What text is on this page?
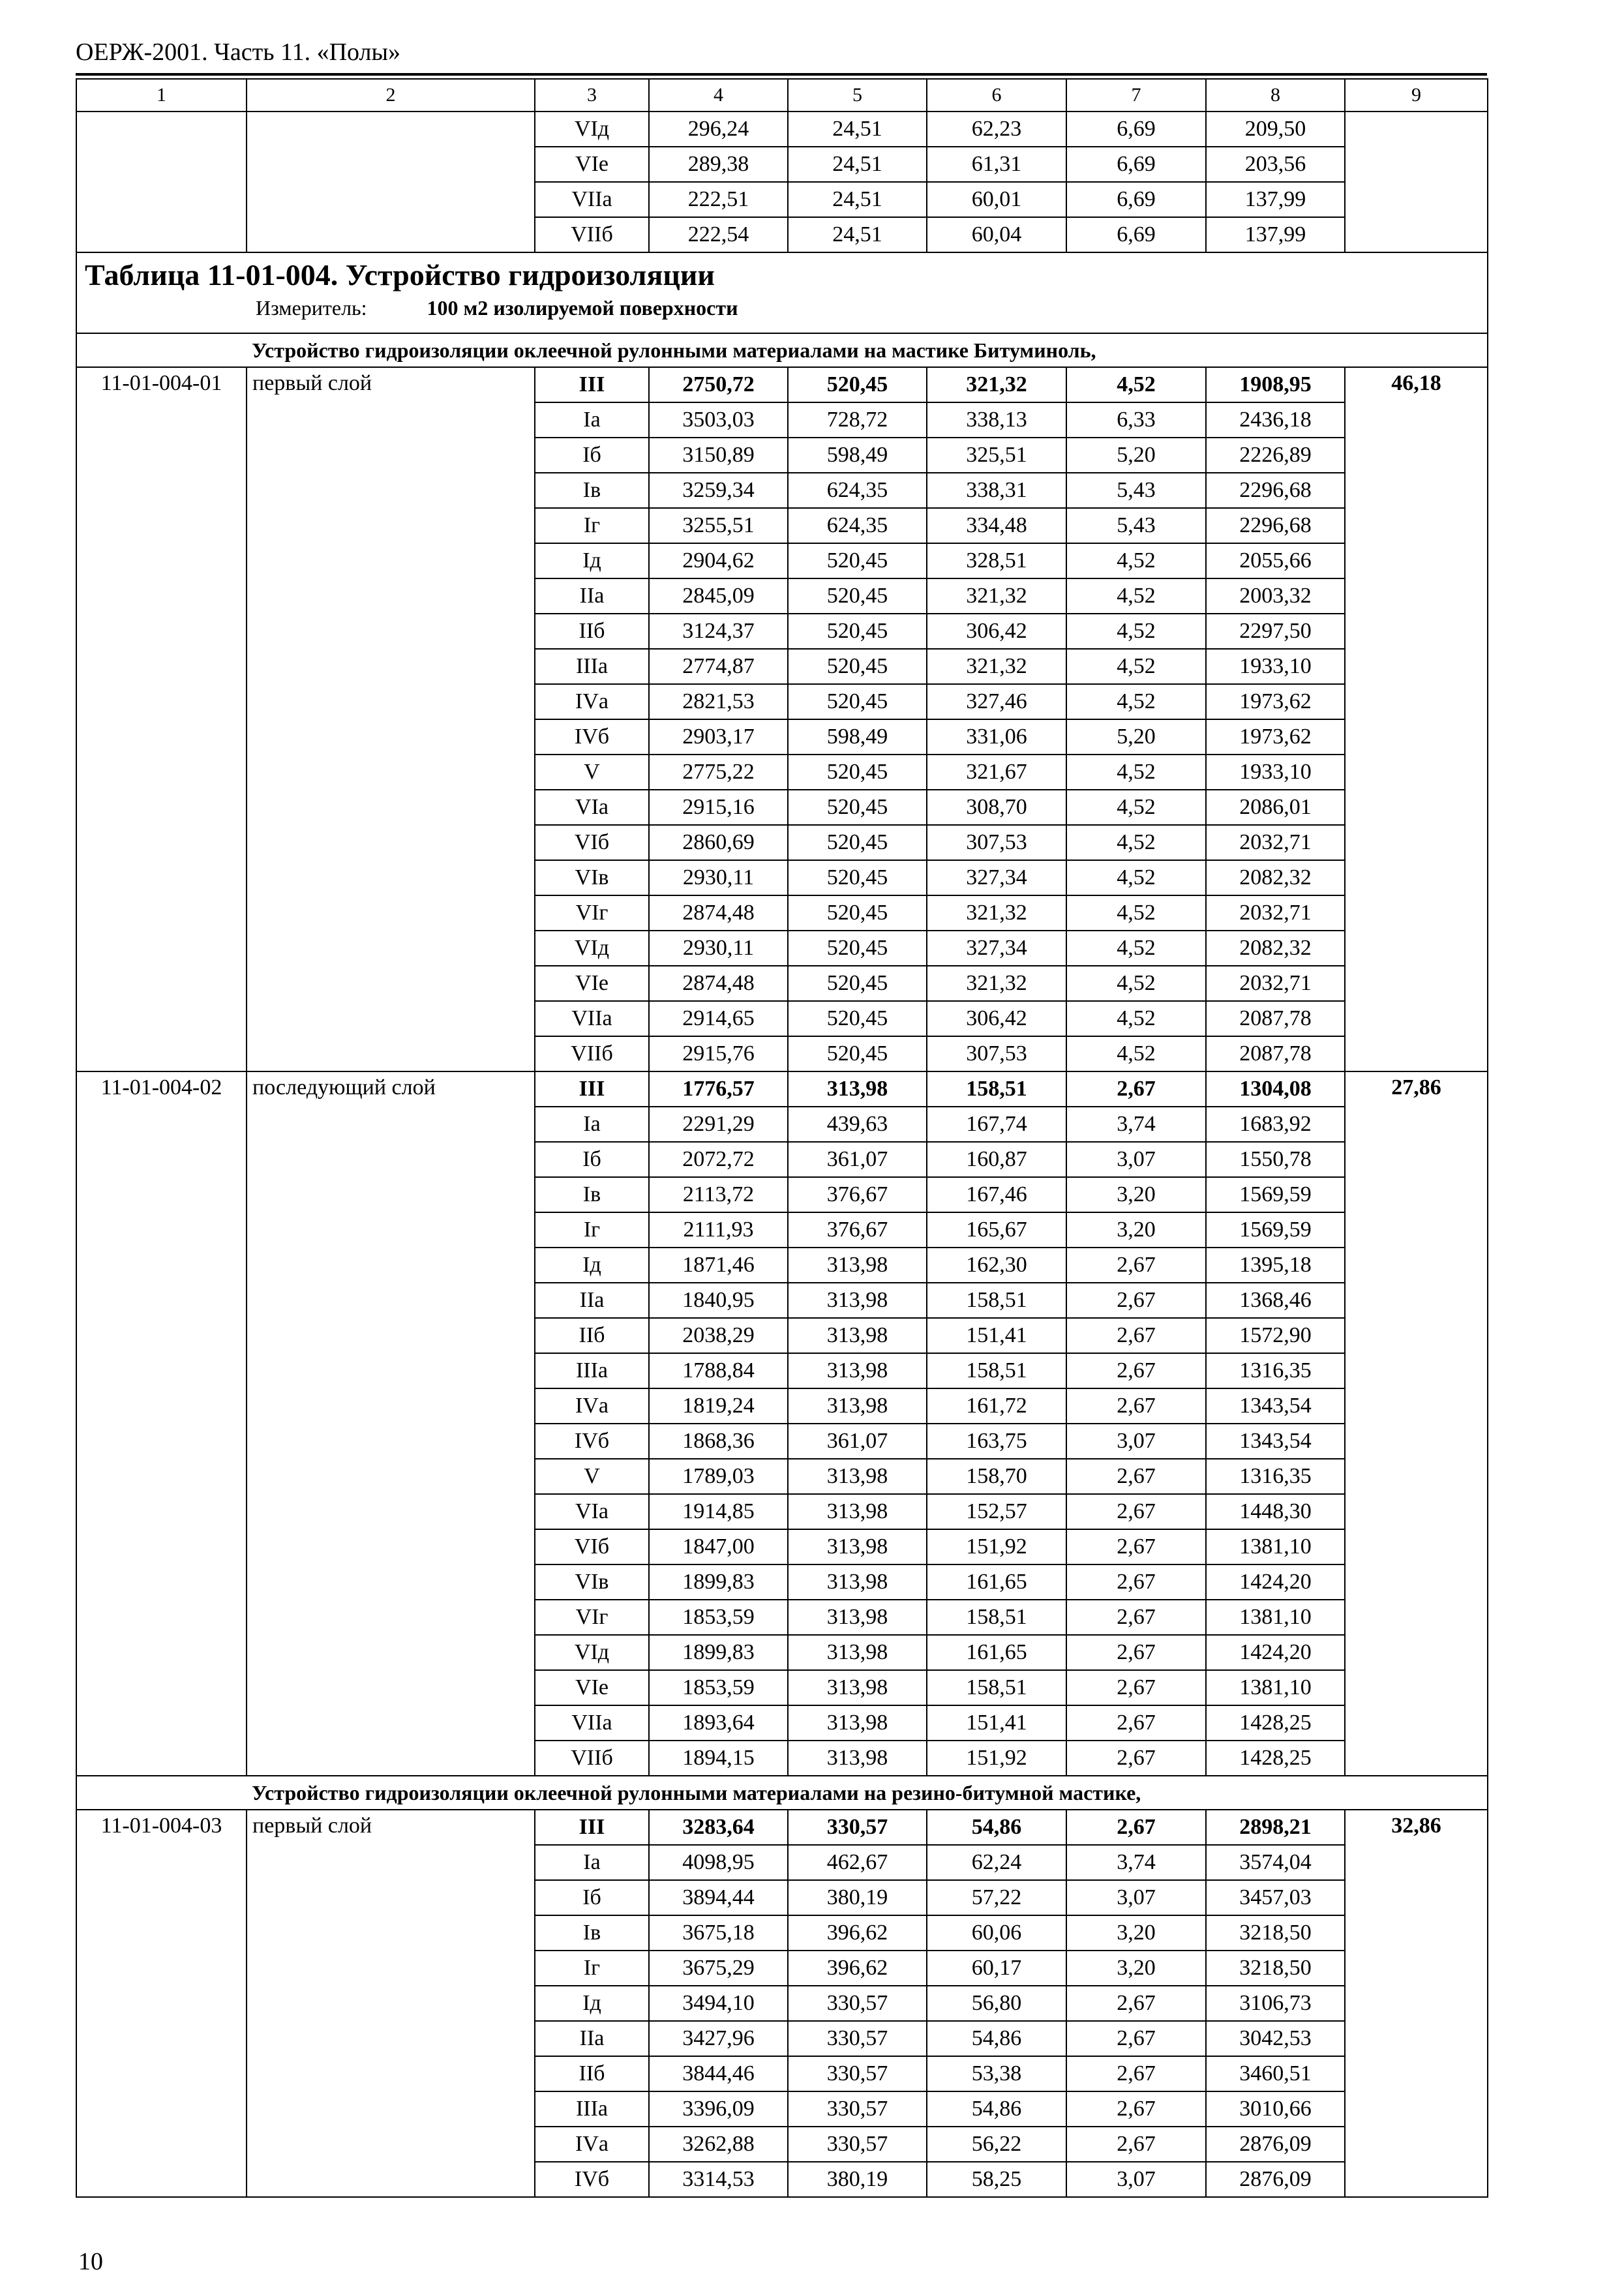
ОЕРЖ-2001. Часть 11. «Полы»
1	2	3	4	5	6	7	8	9
		VIд	296,24	24,51	62,23	6,69	209,50	
		VIе	289,38	24,51	61,31	6,69	203,56	
		VIIа	222,51	24,51	60,01	6,69	137,99	
		VIIб	222,54	24,51	60,04	6,69	137,99	

Таблица 11-01-004. Устройство гидроизоляции
Измеритель: 100 м2 изолируемой поверхности								

Устройство гидроизоляции оклеечной рулонными материалами на мастике Битуминоль,								
11-01-004-01	первый слой	III	2750,72	520,45	321,32	4,52	1908,95	46,18
		Iа	3503,03	728,72	338,13	6,33	2436,18	
		Iб	3150,89	598,49	325,51	5,20	2226,89	
		Iв	3259,34	624,35	338,31	5,43	2296,68	
		Iг	3255,51	624,35	334,48	5,43	2296,68	
		Iд	2904,62	520,45	328,51	4,52	2055,66	
		IIа	2845,09	520,45	321,32	4,52	2003,32	
		IIб	3124,37	520,45	306,42	4,52	2297,50	
		IIIа	2774,87	520,45	321,32	4,52	1933,10	
		IVа	2821,53	520,45	327,46	4,52	1973,62	
		IVб	2903,17	598,49	331,06	5,20	1973,62	
		V	2775,22	520,45	321,67	4,52	1933,10	
		VIа	2915,16	520,45	308,70	4,52	2086,01	
		VIб	2860,69	520,45	307,53	4,52	2032,71	
		VIв	2930,11	520,45	327,34	4,52	2082,32	
		VIг	2874,48	520,45	321,32	4,52	2032,71	
		VIд	2930,11	520,45	327,34	4,52	2082,32	
		VIе	2874,48	520,45	321,32	4,52	2032,71	
		VIIа	2914,65	520,45	306,42	4,52	2087,78	
		VIIб	2915,76	520,45	307,53	4,52	2087,78	
11-01-004-02	последующий слой	III	1776,57	313,98	158,51	2,67	1304,08	27,86
		Iа	2291,29	439,63	167,74	3,74	1683,92	
		Iб	2072,72	361,07	160,87	3,07	1550,78	
		Iв	2113,72	376,67	167,46	3,20	1569,59	
		Iг	2111,93	376,67	165,67	3,20	1569,59	
		Iд	1871,46	313,98	162,30	2,67	1395,18	
		IIа	1840,95	313,98	158,51	2,67	1368,46	
		IIб	2038,29	313,98	151,41	2,67	1572,90	
		IIIа	1788,84	313,98	158,51	2,67	1316,35	
		IVа	1819,24	313,98	161,72	2,67	1343,54	
		IVб	1868,36	361,07	163,75	3,07	1343,54	
		V	1789,03	313,98	158,70	2,67	1316,35	
		VIа	1914,85	313,98	152,57	2,67	1448,30	
		VIб	1847,00	313,98	151,92	2,67	1381,10	
		VIв	1899,83	313,98	161,65	2,67	1424,20	
		VIг	1853,59	313,98	158,51	2,67	1381,10	
		VIд	1899,83	313,98	161,65	2,67	1424,20	
		VIе	1853,59	313,98	158,51	2,67	1381,10	
		VIIа	1893,64	313,98	151,41	2,67	1428,25	
		VIIб	1894,15	313,98	151,92	2,67	1428,25	
Устройство гидроизоляции оклеечной рулонными материалами на резино-битумной мастике,								
11-01-004-03	первый слой	III	3283,64	330,57	54,86	2,67	2898,21	32,86
		Iа	4098,95	462,67	62,24	3,74	3574,04	
		Iб	3894,44	380,19	57,22	3,07	3457,03	
		Iв	3675,18	396,62	60,06	3,20	3218,50	
		Iг	3675,29	396,62	60,17	3,20	3218,50	
		Iд	3494,10	330,57	56,80	2,67	3106,73	
		IIа	3427,96	330,57	54,86	2,67	3042,53	
		IIб	3844,46	330,57	53,38	2,67	3460,51	
		IIIа	3396,09	330,57	54,86	2,67	3010,66	
		IVа	3262,88	330,57	56,22	2,67	2876,09	
		IVб	3314,53	380,19	58,25	3,07	2876,09	
10
